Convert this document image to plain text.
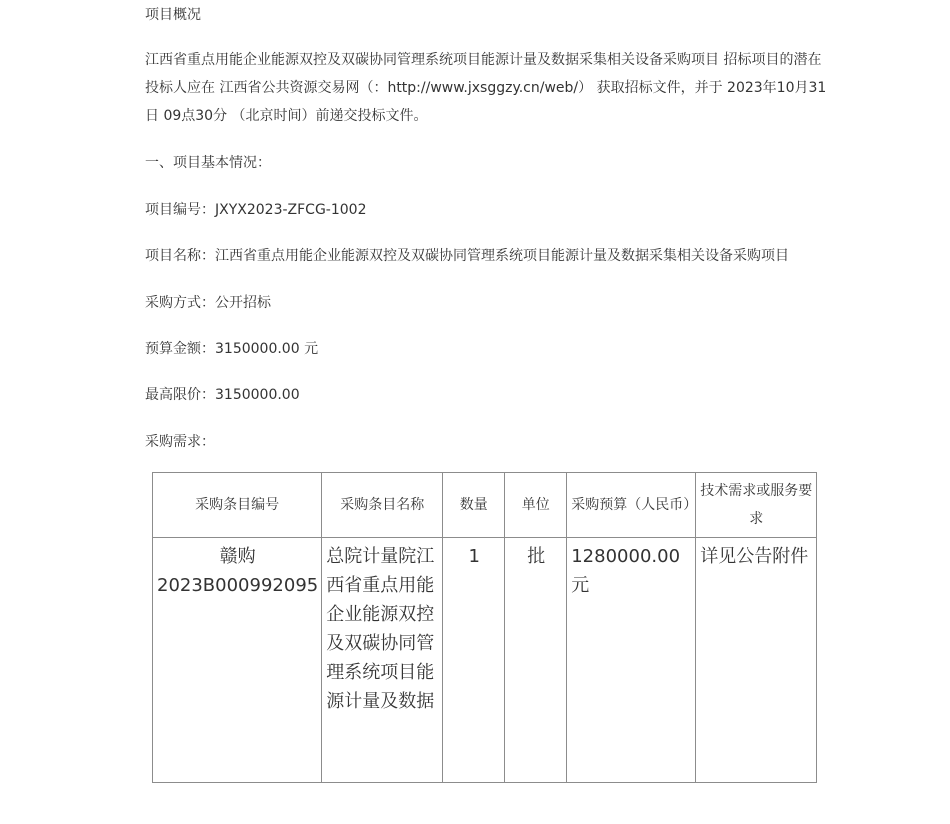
项目概况

江西省重点用能企业能源双控及双碳协同管理系统项目能源计量及数据采集相关设备采购项目 招标项目的潜在
投标人应在 江西省公共资源交易网（：http://www.jxsggzy.cn/web/） 获取招标文件，并于 2023年10月31
日 09点30分 （北京时间）前递交投标文件。

一、项目基本情况：

项目编号：JXYX2023-ZFCG-1002

项目名称：江西省重点用能企业能源双控及双碳协同管理系统项目能源计量及数据采集相关设备采购项目

采购方式：公开招标

预算金额：3150000.00 元

最高限价：3150000.00

采购需求：

采购条目编号	采购条目名称	数量	单位	采购预算（人民币）	技术需求或服务要求
赣购2023B000992095	总院计量院江西省重点用能企业能源双控及双碳协同管理系统项目能源计量及数据	1	批	1280000.00元	详见公告附件
